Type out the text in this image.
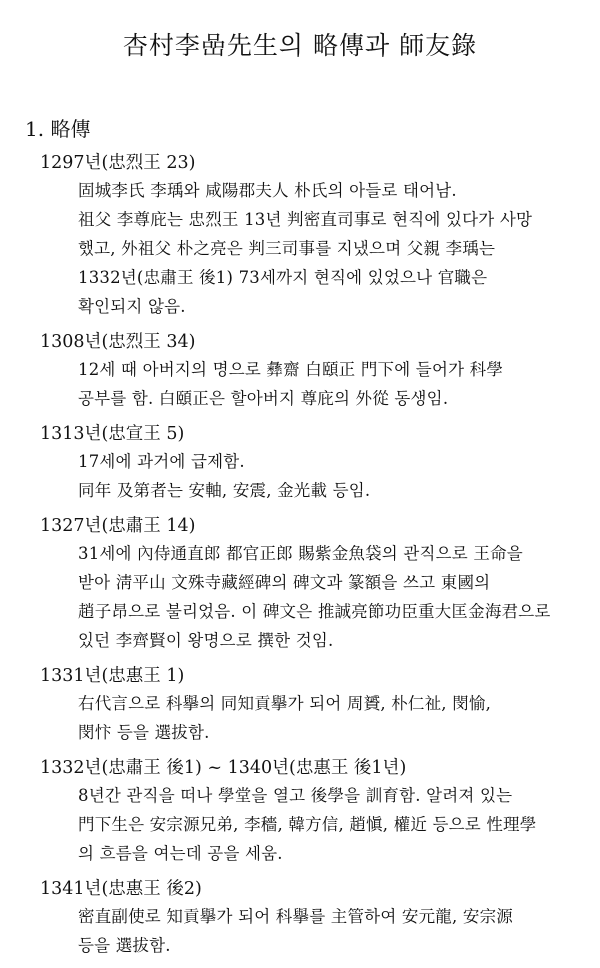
杏村李嵒先生의 略傳과 師友錄
1. 略傳
1297년(忠烈王 23)
固城李氏 李瑀와 咸陽郡夫人 朴氏의 아들로 태어남.
祖父 李尊庇는 忠烈王 13년 判密直司事로 현직에 있다가 사망
했고, 外祖父 朴之亮은 判三司事를 지냈으며 父親 李瑀는
1332년(忠肅王 後1) 73세까지 현직에 있었으나 官職은
확인되지 않음.
1308년(忠烈王 34)
12세 때 아버지의 명으로 彝齋 白頤正 門下에 들어가 科學
공부를 함. 白頤正은 할아버지 尊庇의 外從 동생임.
1313년(忠宣王 5)
17세에 과거에 급제함.
同年 及第者는 安軸, 安震, 金光載 등임.
1327년(忠肅王 14)
31세에 內侍通直郎 都官正郎 賜紫金魚袋의 관직으로 王命을
받아 淸平山 文殊寺藏經碑의 碑文과 篆額을 쓰고 東國의
趙子昂으로 불리었음. 이 碑文은 推誠亮節功臣重大匡金海君으로
있던 李齊賢이 왕명으로 撰한 것임.
1331년(忠惠王 1)
右代言으로 科擧의 同知貢擧가 되어 周贇, 朴仁祉, 閔愉,
閔忭 등을 選拔함.
1332년(忠肅王 後1) ~ 1340년(忠惠王 後1년)
8년간 관직을 떠나 學堂을 열고 後學을 訓育함. 알려져 있는
門下生은 安宗源兄弟, 李穡, 韓方信, 趙愼, 權近 등으로 性理學
의 흐름을 여는데 공을 세움.
1341년(忠惠王 後2)
密直副使로 知貢擧가 되어 科擧를 主管하여 安元龍, 安宗源
등을 選拔함.
